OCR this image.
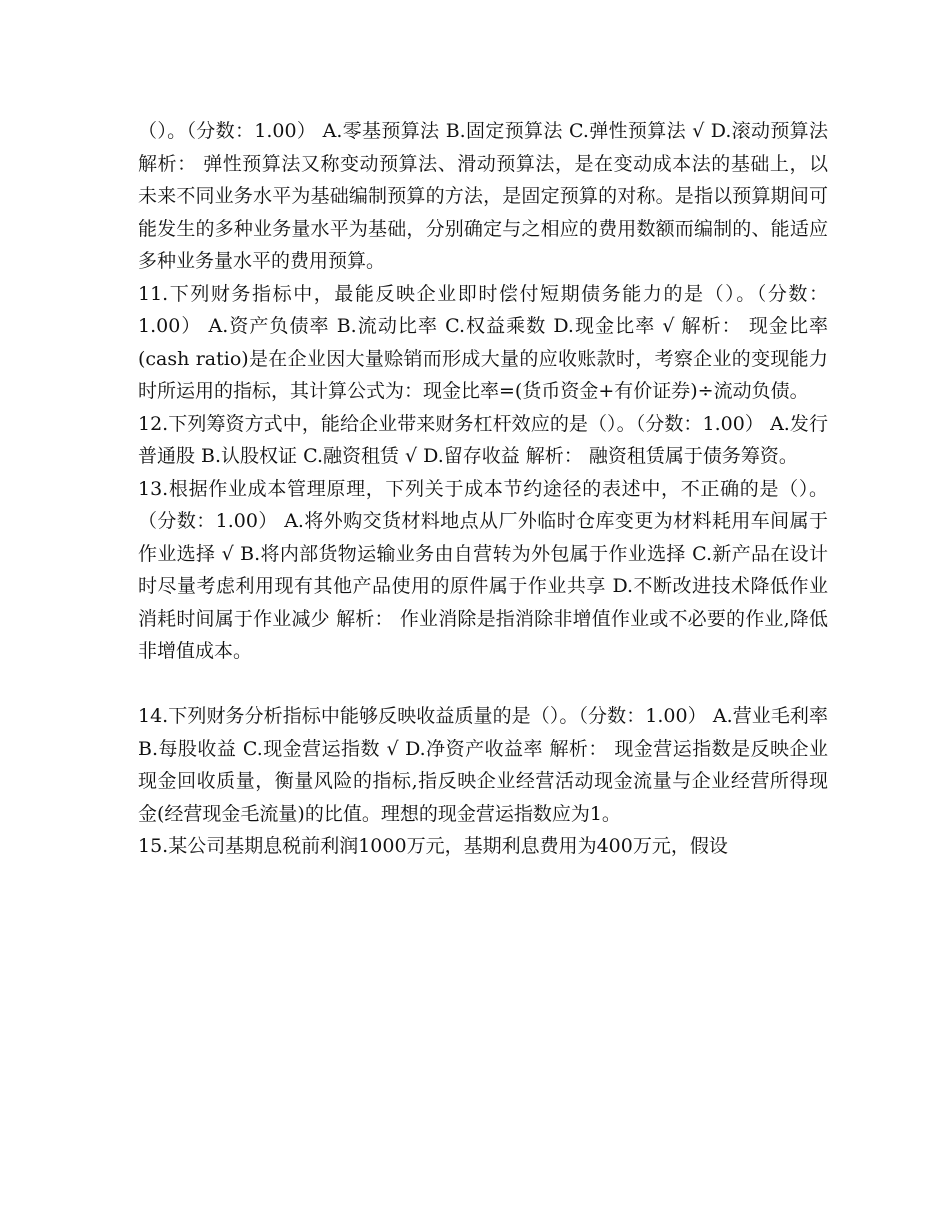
（）。（分数：1.00） A.零基预算法 B.固定预算法 C.弹性预算法 √ D.滚动预算法 解析： 弹性预算法又称变动预算法、滑动预算法，是在变动成本法的基础上，以未来不同业务水平为基础编制预算的方法，是固定预算的对称。是指以预算期间可能发生的多种业务量水平为基础，分别确定与之相应的费用数额而编制的、能适应多种业务量水平的费用预算。

11.下列财务指标中，最能反映企业即时偿付短期债务能力的是（）。（分数：1.00） A.资产负债率 B.流动比率 C.权益乘数 D.现金比率 √ 解析： 现金比率(cash ratio)是在企业因大量赊销而形成大量的应收账款时，考察企业的变现能力时所运用的指标，其计算公式为：现金比率=(货币资金+有价证券)÷流动负债。

12.下列筹资方式中，能给企业带来财务杠杆效应的是（）。（分数：1.00） A.发行普通股 B.认股权证 C.融资租赁 √ D.留存收益 解析： 融资租赁属于债务筹资。

13.根据作业成本管理原理，下列关于成本节约途径的表述中，不正确的是（）。（分数：1.00） A.将外购交货材料地点从厂外临时仓库变更为材料耗用车间属于作业选择 √ B.将内部货物运输业务由自营转为外包属于作业选择 C.新产品在设计时尽量考虑利用现有其他产品使用的原件属于作业共享 D.不断改进技术降低作业消耗时间属于作业减少 解析： 作业消除是指消除非增值作业或不必要的作业,降低非增值成本。

14.下列财务分析指标中能够反映收益质量的是（）。（分数：1.00） A.营业毛利率 B.每股收益 C.现金营运指数 √ D.净资产收益率 解析： 现金营运指数是反映企业现金回收质量，衡量风险的指标,指反映企业经营活动现金流量与企业经营所得现金(经营现金毛流量)的比值。理想的现金营运指数应为1。

15.某公司基期息税前利润1000万元，基期利息费用为400万元，假设
